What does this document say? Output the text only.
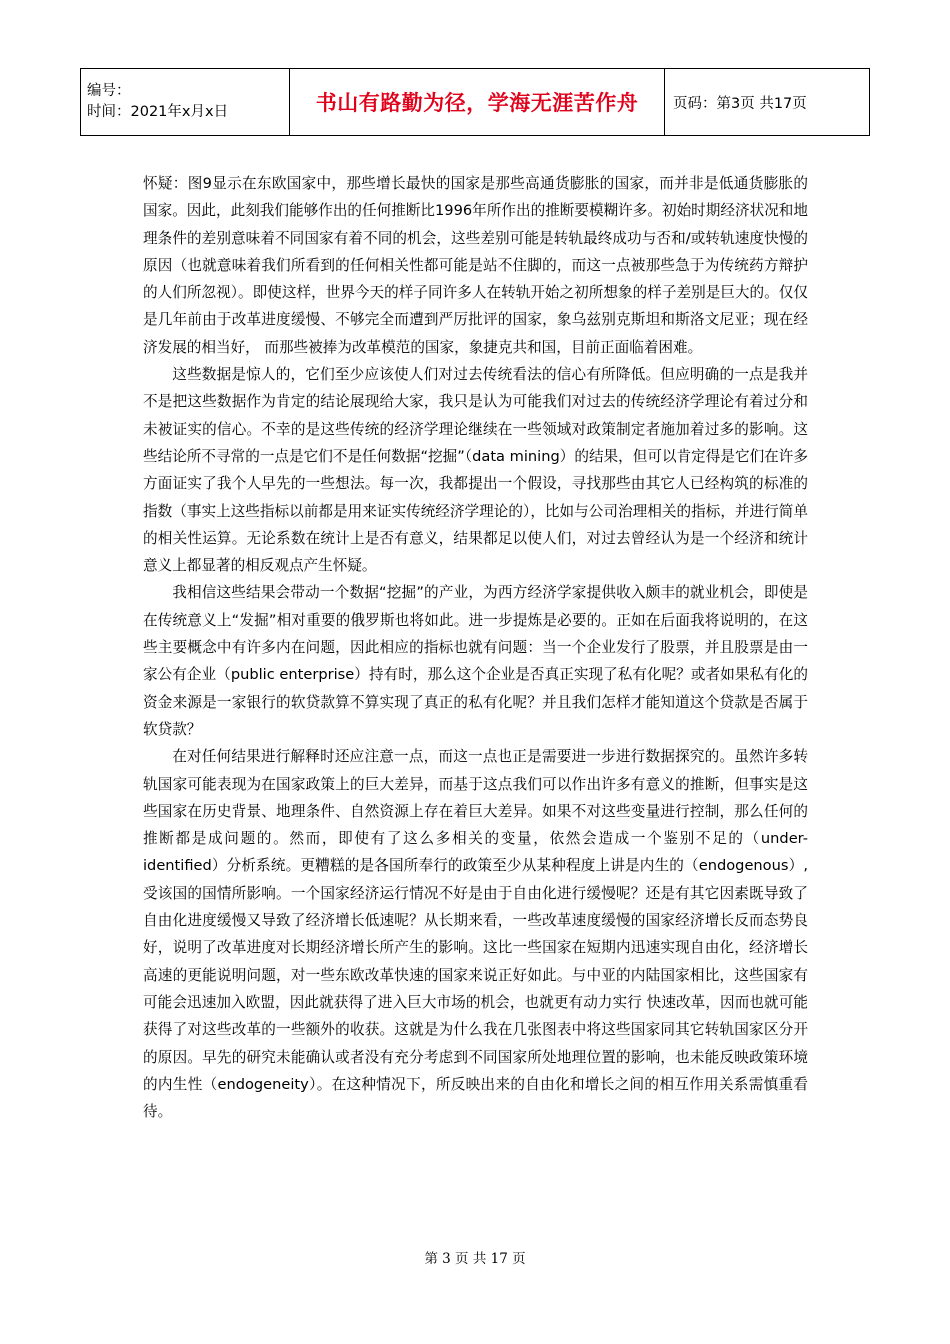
编号：
时间：2021年x月x日	书山有路勤为径，学海无涯苦作舟	页码：第3页 共17页

怀疑：图9显示在东欧国家中，那些增长最快的国家是那些高通货膨胀的国家，而并非是低通货膨胀的国家。因此，此刻我们能够作出的任何推断比1996年所作出的推断要模糊许多。初始时期经济状况和地理条件的差别意味着不同国家有着不同的机会，这些差别可能是转轨最终成功与否和/或转轨速度快慢的原因（也就意味着我们所看到的任何相关性都可能是站不住脚的，而这一点被那些急于为传统药方辩护的人们所忽视）。即使这样，世界今天的样子同许多人在转轨开始之初所想象的样子差别是巨大的。仅仅是几年前由于改革进度缓慢、不够完全而遭到严厉批评的国家，象乌兹别克斯坦和斯洛文尼亚；现在经济发展的相当好， 而那些被捧为改革模范的国家，象捷克共和国，目前正面临着困难。

这些数据是惊人的，它们至少应该使人们对过去传统看法的信心有所降低。但应明确的一点是我并不是把这些数据作为肯定的结论展现给大家，我只是认为可能我们对过去的传统经济学理论有着过分和未被证实的信心。不幸的是这些传统的经济学理论继续在一些领域对政策制定者施加着过多的影响。这些结论所不寻常的一点是它们不是任何数据“挖掘”（data mining）的结果，但可以肯定得是它们在许多方面证实了我个人早先的一些想法。每一次，我都提出一个假设，寻找那些由其它人已经构筑的标准的指数（事实上这些指标以前都是用来证实传统经济学理论的），比如与公司治理相关的指标，并进行简单的相关性运算。无论系数在统计上是否有意义，结果都足以使人们，对过去曾经认为是一个经济和统计意义上都显著的相反观点产生怀疑。

我相信这些结果会带动一个数据“挖掘”的产业，为西方经济学家提供收入颇丰的就业机会，即使是在传统意义上“发掘”相对重要的俄罗斯也将如此。进一步提炼是必要的。正如在后面我将说明的，在这些主要概念中有许多内在问题，因此相应的指标也就有问题：当一个企业发行了股票，并且股票是由一家公有企业（public enterprise）持有时，那么这个企业是否真正实现了私有化呢？或者如果私有化的资金来源是一家银行的软贷款算不算实现了真正的私有化呢？并且我们怎样才能知道这个贷款是否属于软贷款？

在对任何结果进行解释时还应注意一点，而这一点也正是需要进一步进行数据探究的。虽然许多转轨国家可能表现为在国家政策上的巨大差异，而基于这点我们可以作出许多有意义的推断，但事实是这些国家在历史背景、地理条件、自然资源上存在着巨大差异。如果不对这些变量进行控制，那么任何的推断都是成问题的。然而，即使有了这么多相关的变量，依然会造成一个鉴别不足的（under-identified）分析系统。更糟糕的是各国所奉行的政策至少从某种程度上讲是内生的（endogenous）,受该国的国情所影响。一个国家经济运行情况不好是由于自由化进行缓慢呢？还是有其它因素既导致了自由化进度缓慢又导致了经济增长低速呢？从长期来看，一些改革速度缓慢的国家经济增长反而态势良好，说明了改革进度对长期经济增长所产生的影响。这比一些国家在短期内迅速实现自由化，经济增长高速的更能说明问题，对一些东欧改革快速的国家来说正好如此。与中亚的内陆国家相比，这些国家有可能会迅速加入欧盟，因此就获得了进入巨大市场的机会，也就更有动力实行 快速改革，因而也就可能获得了对这些改革的一些额外的收获。这就是为什么我在几张图表中将这些国家同其它转轨国家区分开的原因。早先的研究未能确认或者没有充分考虑到不同国家所处地理位置的影响，也未能反映政策环境的内生性（endogeneity）。在这种情况下，所反映出来的自由化和增长之间的相互作用关系需慎重看待。

第 3 页 共 17 页
